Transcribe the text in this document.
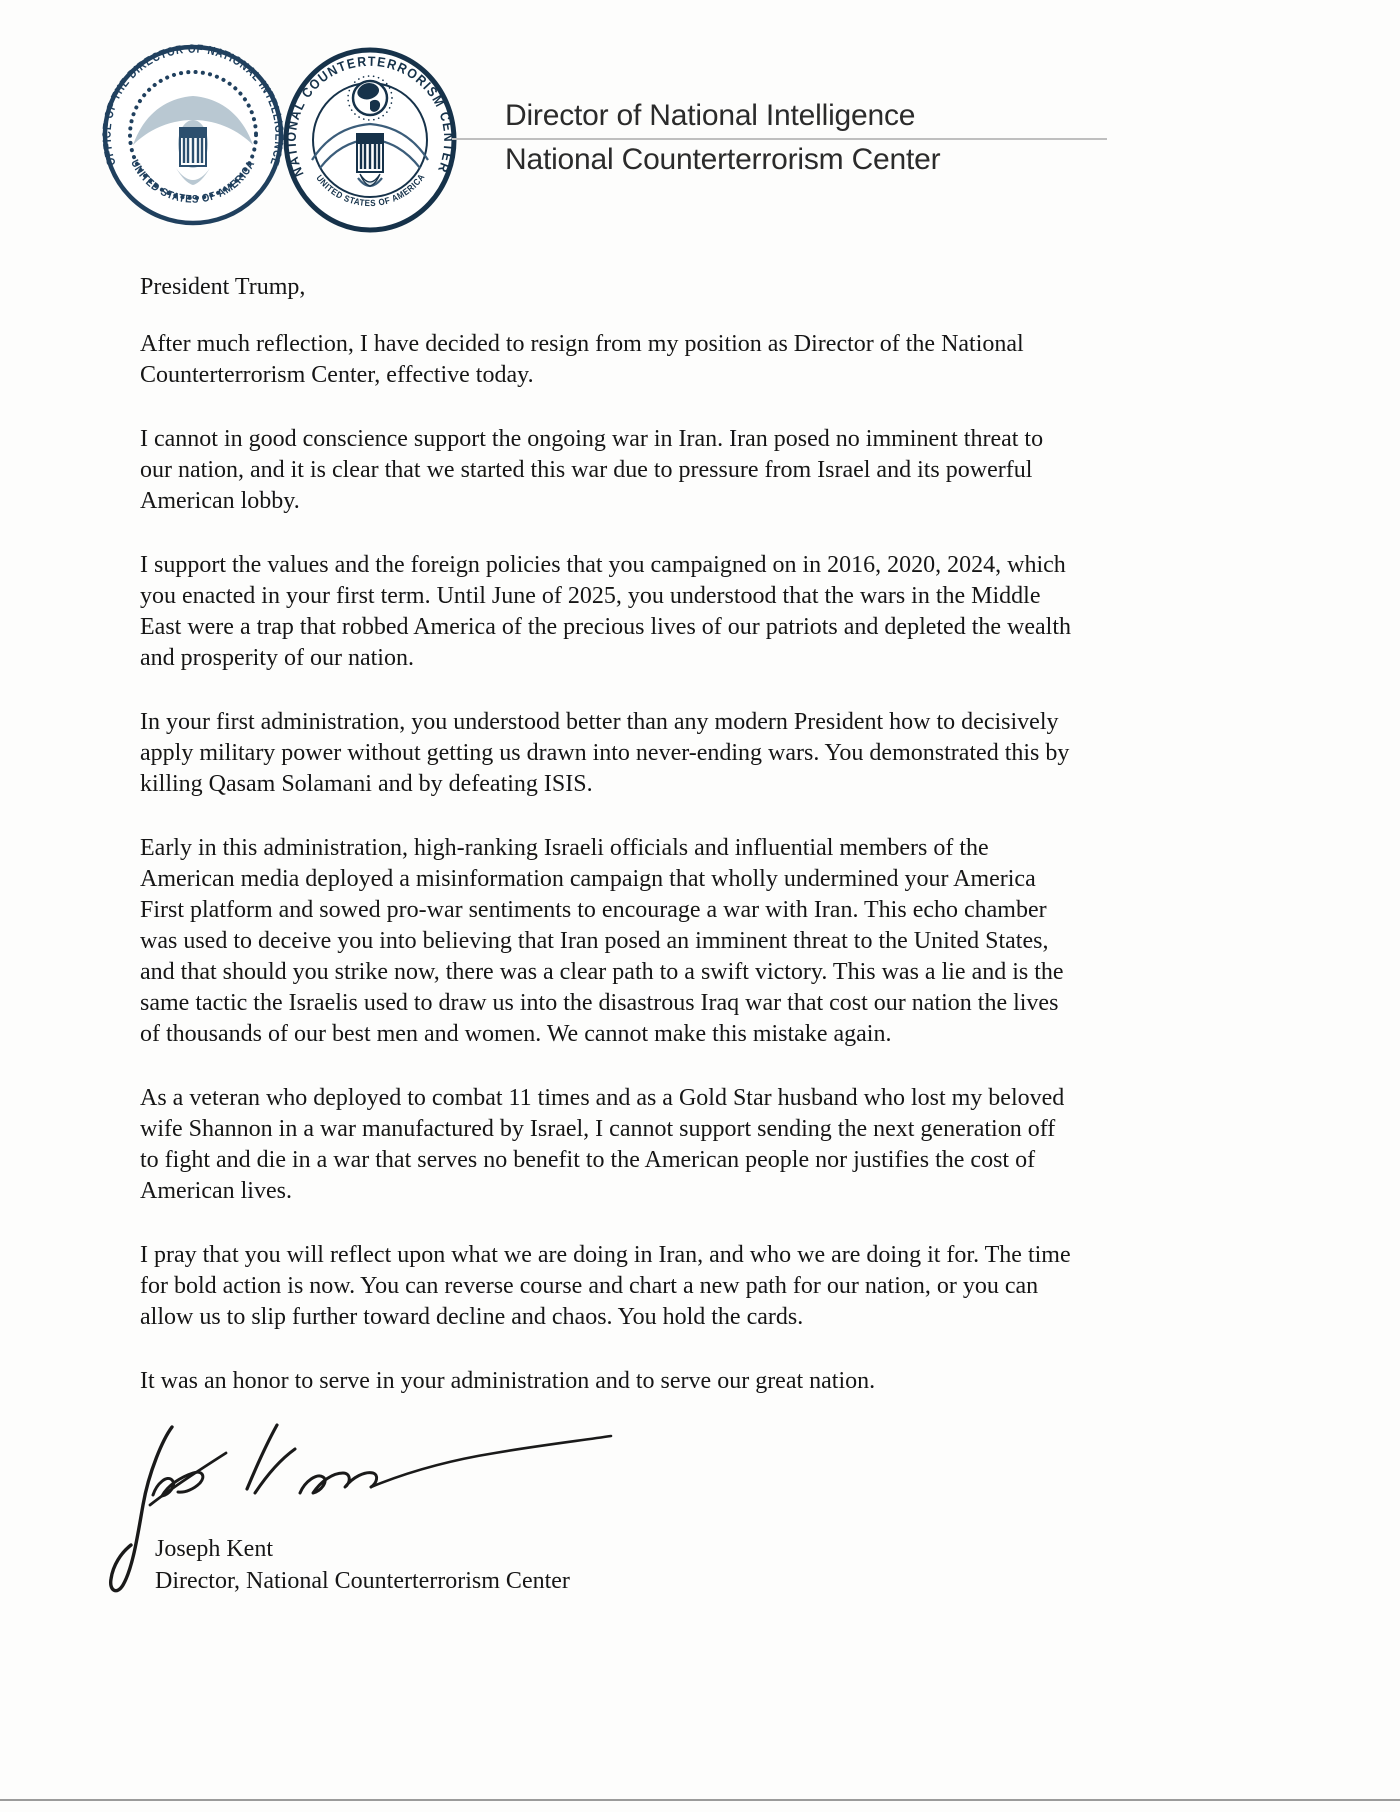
OFFICE OF THE DIRECTOR OF NATIONAL INTELLIGENCE
UNITED STATES OF AMERICA	NATIONAL COUNTERTERRORISM CENTER
UNITED STATES OF AMERICA
Director of National Intelligence
National Counterterrorism Center
President Trump,
After much reflection, I have decided to resign from my position as Director of the National
Counterterrorism Center, effective today.
I cannot in good conscience support the ongoing war in Iran. Iran posed no imminent threat to
our nation, and it is clear that we started this war due to pressure from Israel and its powerful
American lobby.
I support the values and the foreign policies that you campaigned on in 2016, 2020, 2024, which
you enacted in your first term. Until June of 2025, you understood that the wars in the Middle
East were a trap that robbed America of the precious lives of our patriots and depleted the wealth
and prosperity of our nation.
In your first administration, you understood better than any modern President how to decisively
apply military power without getting us drawn into never-ending wars. You demonstrated this by
killing Qasam Solamani and by defeating ISIS.
Early in this administration, high-ranking Israeli officials and influential members of the
American media deployed a misinformation campaign that wholly undermined your America
First platform and sowed pro-war sentiments to encourage a war with Iran. This echo chamber
was used to deceive you into believing that Iran posed an imminent threat to the United States,
and that should you strike now, there was a clear path to a swift victory. This was a lie and is the
same tactic the Israelis used to draw us into the disastrous Iraq war that cost our nation the lives
of thousands of our best men and women. We cannot make this mistake again.
As a veteran who deployed to combat 11 times and as a Gold Star husband who lost my beloved
wife Shannon in a war manufactured by Israel, I cannot support sending the next generation off
to fight and die in a war that serves no benefit to the American people nor justifies the cost of
American lives.
I pray that you will reflect upon what we are doing in Iran, and who we are doing it for. The time
for bold action is now. You can reverse course and chart a new path for our nation, or you can
allow us to slip further toward decline and chaos. You hold the cards.
It was an honor to serve in your administration and to serve our great nation.
Joseph Kent
Director, National Counterterrorism Center
